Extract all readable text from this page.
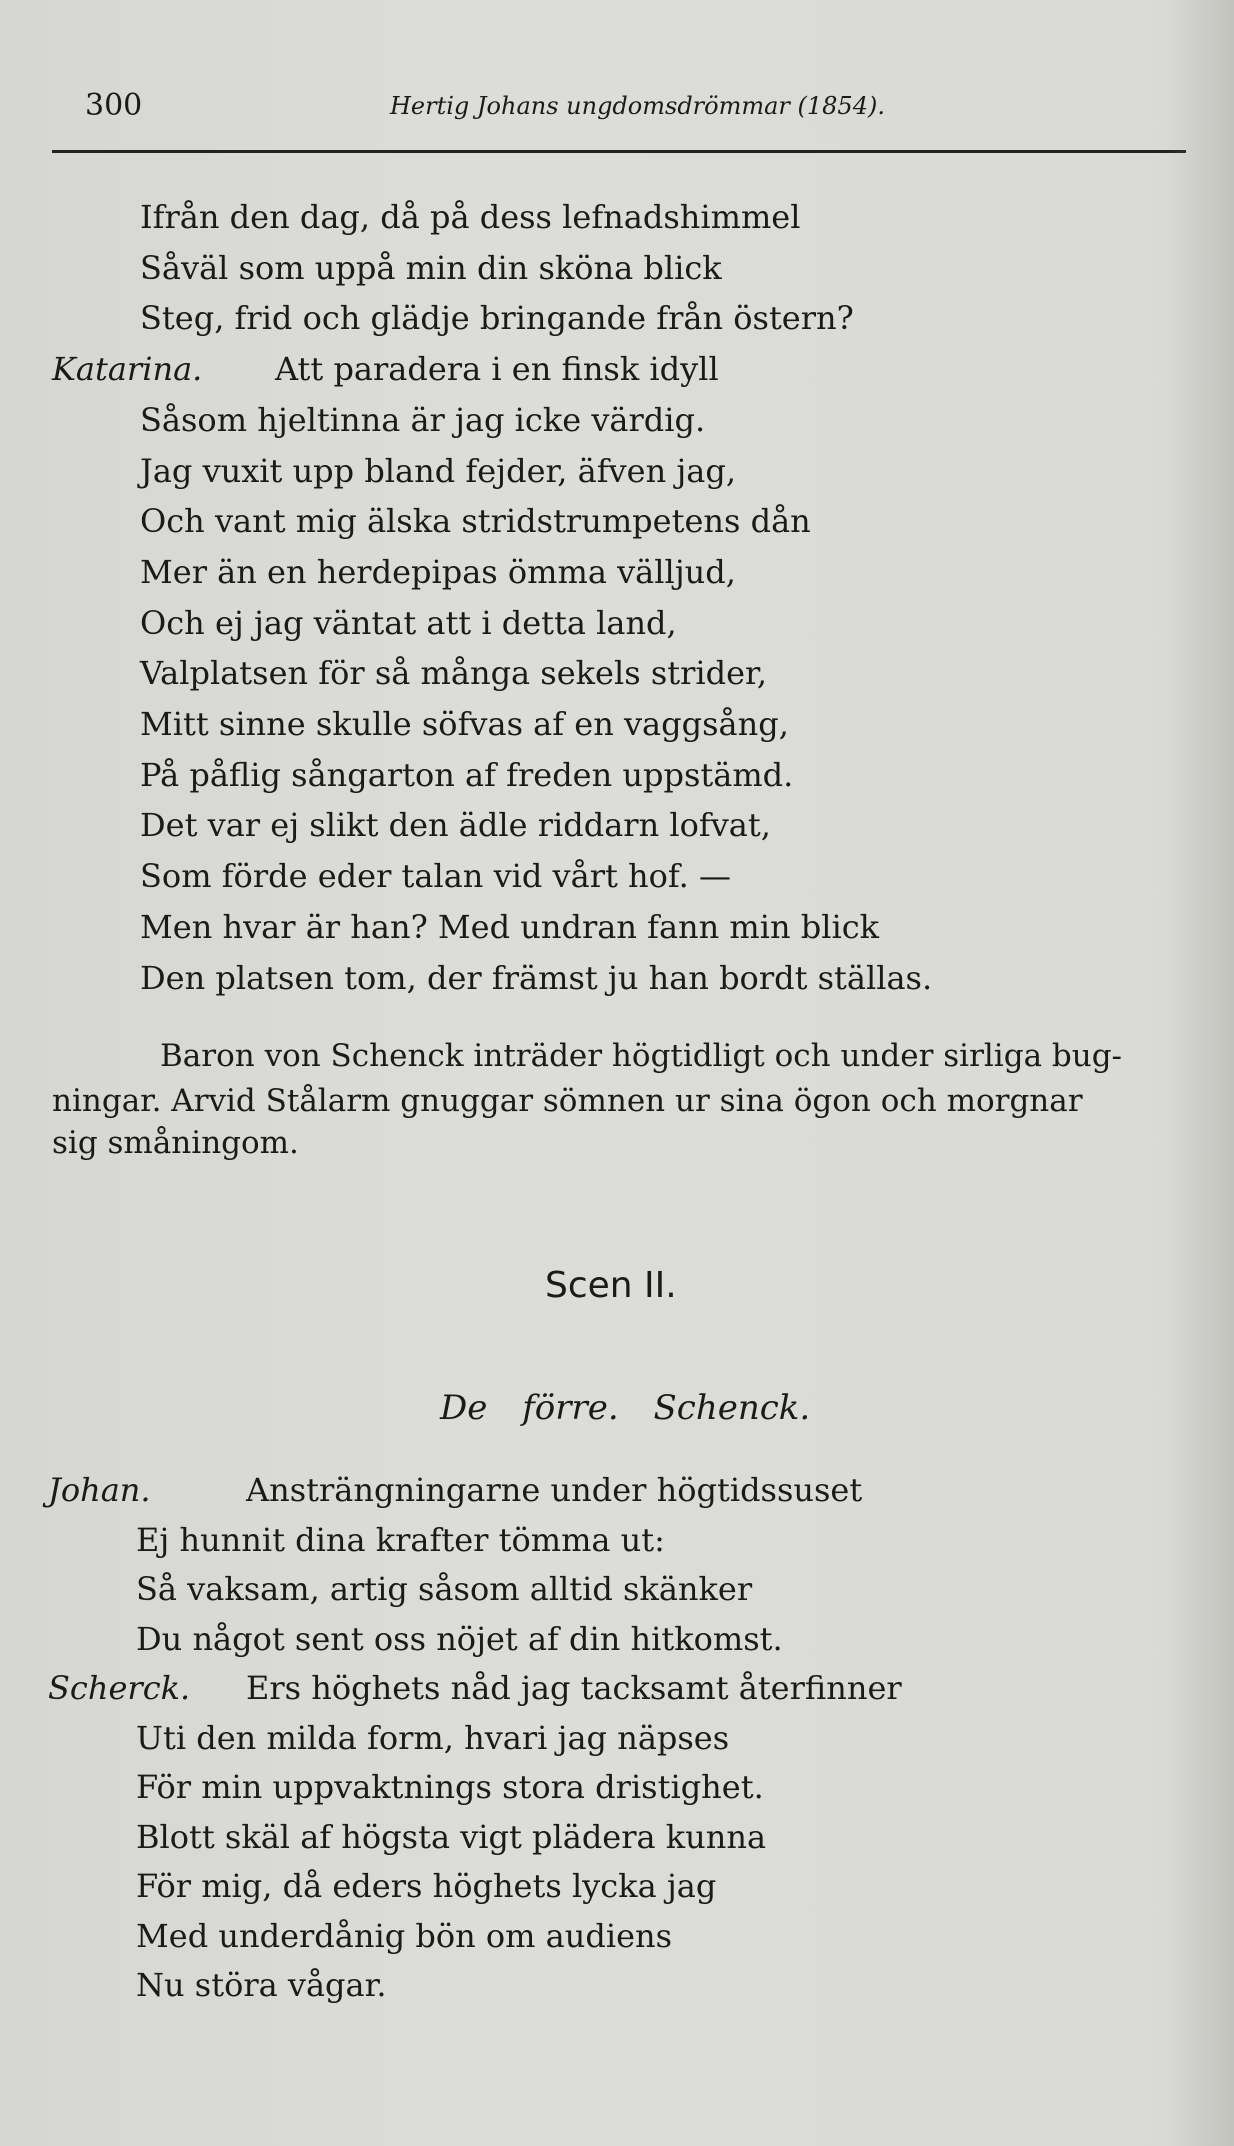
300	Hertig Johans ungdomsdrömmar (1854).
Ifrån den dag, då på dess lefnadshimmel
Såväl som uppå min din sköna blick
Steg, frid och glädje bringande från östern?
Katarina. Att paradera i en finsk idyll
Såsom hjeltinna är jag icke värdig.
Jag vuxit upp bland fejder, äfven jag,
Och vant mig älska stridstrumpetens dån
Mer än en herdepipas ömma välljud,
Och ej jag väntat att i detta land,
Valplatsen för så många sekels strider,
Mitt sinne skulle söfvas af en vaggsång,
På påflig sångarton af freden uppstämd.
Det var ej slikt den ädle riddarn lofvat,
Som förde eder talan vid vårt hof. —
Men hvar är han? Med undran fann min blick
Den platsen tom, der främst ju han bordt ställas.
Baron von Schenck inträder högtidligt och under sirliga bug-
ningar. Arvid Stålarm gnuggar sömnen ur sina ögon och morgnar
sig småningom.
Scen II.
De förre. Schenck.
Johan.	Ansträngningarne under högtidssuset
Ej hunnit dina krafter tömma ut:
Så vaksam, artig såsom alltid skänker
Du något sent oss nöjet af din hitkomst.
Scherck. Ers höghets nåd jag tacksamt återfinner
Uti den milda form, hvari jag näpses
För min uppvaktnings stora dristighet.
Blott skäl af högsta vigt plädera kunna
För mig, då eders höghets lycka jag
Med underdånig bön om audiens
Nu störa vågar.
